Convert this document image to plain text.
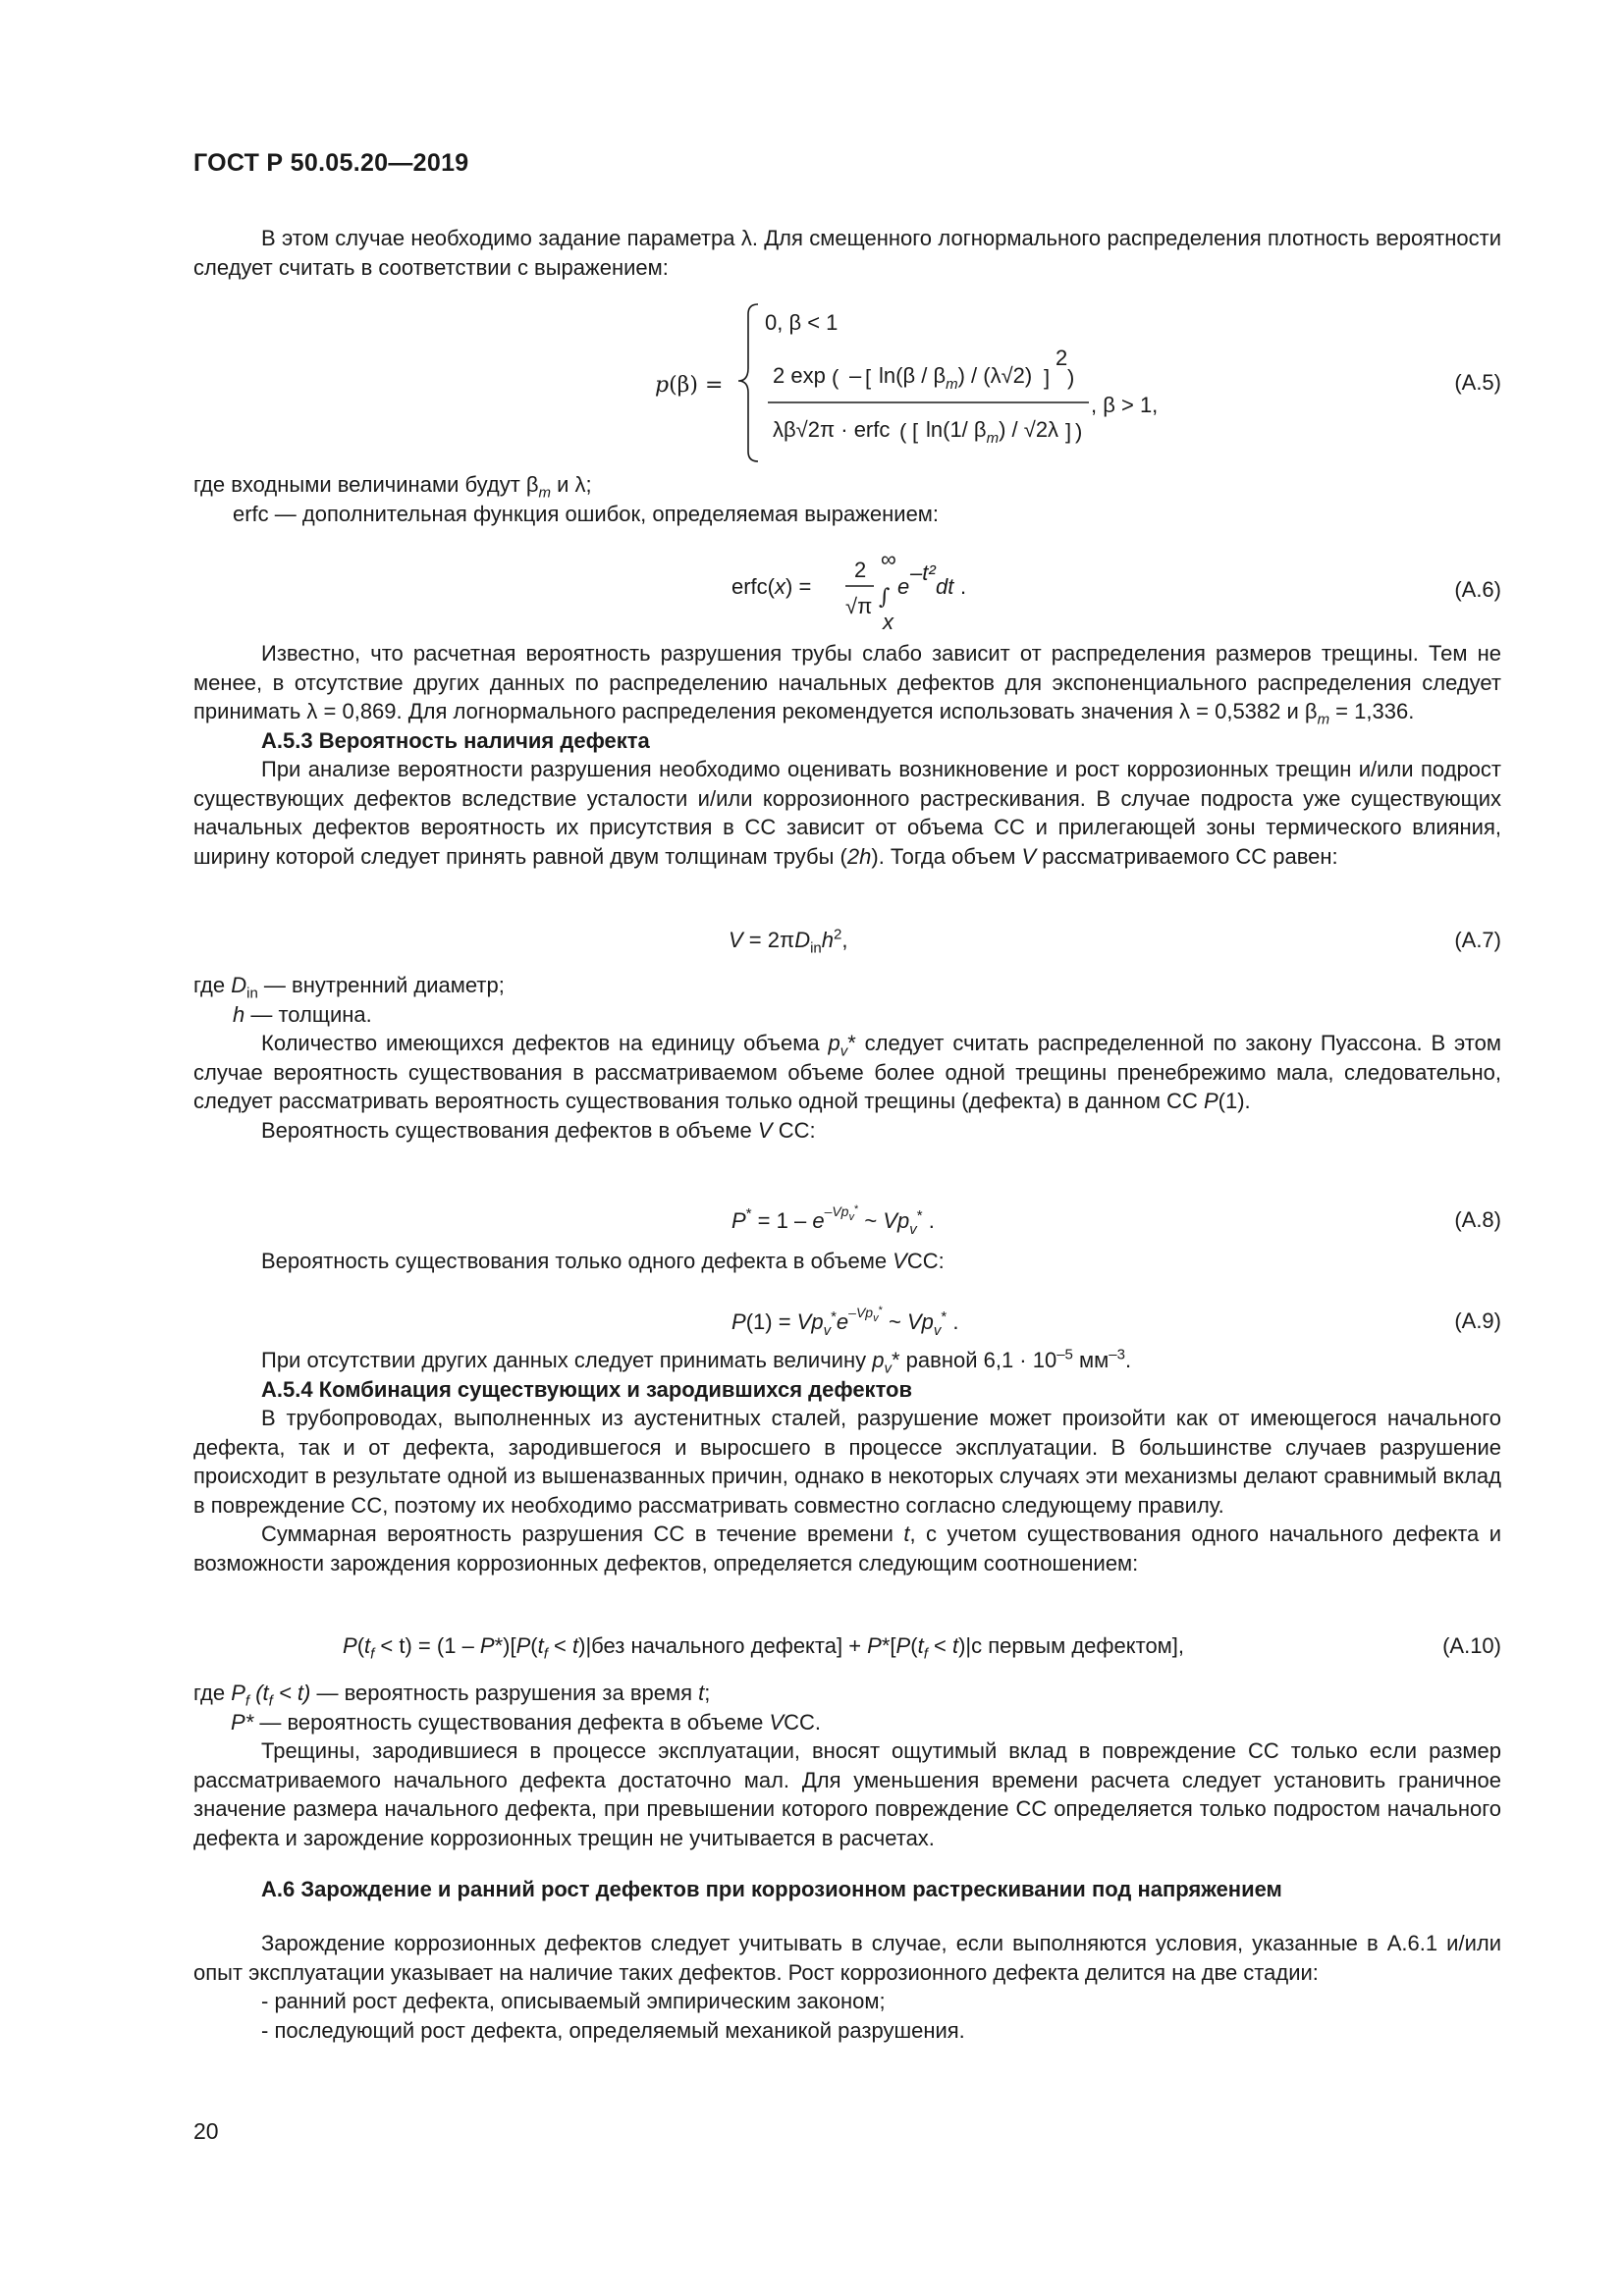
ГОСТ Р 50.05.20—2019

В этом случае необходимо задание параметра λ. Для смещенного логнормального распределения плотность вероятности следует считать в соответствии с выражением:

p(β) =
0, β < 1
2 exp ( – [ $\ln(\beta / \beta_m) / (\lambda√2)$ ]
2
)
λβ√2π · erfc ( [ ln(1/ $\beta_m) / √2\lambda$ ] )
, β > 1,
(А.5)

где входными величинами будут $\beta_m$ и λ;

erfc — дополнительная функция ошибок, определяемая выражением:

erfc(x) =
2
√π
∞
∫
x
e
–t²
dt .	(А.6)

Известно, что расчетная вероятность разрушения трубы слабо зависит от распределения размеров трещины. Тем не менее, в отсутствие других данных по распределению начальных дефектов для экспоненциального распределения следует принимать λ = 0,869. Для логнормального распределения рекомендуется использовать значения λ = 0,5382 и $\beta_m = 1,336$.

А.5.3 Вероятность наличия дефекта

При анализе вероятности разрушения необходимо оценивать возникновение и рост коррозионных трещин и/или подрост существующих дефектов вследствие усталости и/или коррозионного растрескивания. В случае подроста уже существующих начальных дефектов вероятность их присутствия в СС зависит от объема СС и прилегающей зоны термического влияния, ширину которой следует принять равной двум толщинам трубы (2h). Тогда объем V рассматриваемого СС равен:

$V = 2\pi D_{in}h^2$,	(А.7)

где $D_{in}$ — внутренний диаметр;

h — толщина.

Количество имеющихся дефектов на единицу объема $p_v*$ следует считать распределенной по закону Пуассона. В этом случае вероятность существования в рассматриваемом объеме более одной трещины пренебрежимо мала, следовательно, следует рассматривать вероятность существования только одной трещины (дефекта) в данном СС P(1).

Вероятность существования дефектов в объеме V СС:

$P^* = 1 - e^{-Vp}v^*$ ~ $Vp_v^*$ .	(А.8)

Вероятность существования только одного дефекта в объеме VСС:

$P(1) = Vp_v^*e^{-Vp}v^*$ ~ $Vp_v^*$ .	(А.9)

При отсутствии других данных следует принимать величину $p_v*$ равной $6,1 \cdot 10^{-5}$ $мм^{-3}$.

А.5.4 Комбинация существующих и зародившихся дефектов

В трубопроводах, выполненных из аустенитных сталей, разрушение может произойти как от имеющегося начального дефекта, так и от дефекта, зародившегося и выросшего в процессе эксплуатации. В большинстве случаев разрушение происходит в результате одной из вышеназванных причин, однако в некоторых случаях эти механизмы делают сравнимый вклад в повреждение СС, поэтому их необходимо рассматривать совместно согласно следующему правилу.

Суммарная вероятность разрушения СС в течение времени t, с учетом существования одного начального дефекта и возможности зарождения коррозионных дефектов, определяется следующим соотношением:

$P(t_f < t) = (1 - P*)[P(t_f < t)|без$ начального дефекта] + $P*[P(t_f < t)|с$ первым дефектом],	(А.10)

где $P_f$ $(t_f < t)$ — вероятность разрушения за время t;

P* — вероятность существования дефекта в объеме VСС.

Трещины, зародившиеся в процессе эксплуатации, вносят ощутимый вклад в повреждение СС только если размер рассматриваемого начального дефекта достаточно мал. Для уменьшения времени расчета следует установить граничное значение размера начального дефекта, при превышении которого повреждение СС определяется только подростом начального дефекта и зарождение коррозионных трещин не учитывается в расчетах.

А.6 Зарождение и ранний рост дефектов при коррозионном растрескивании под напряжением

Зарождение коррозионных дефектов следует учитывать в случае, если выполняются условия, указанные в А.6.1 и/или опыт эксплуатации указывает на наличие таких дефектов. Рост коррозионного дефекта делится на две стадии:

- ранний рост дефекта, описываемый эмпирическим законом;

- последующий рост дефекта, определяемый механикой разрушения.

20
